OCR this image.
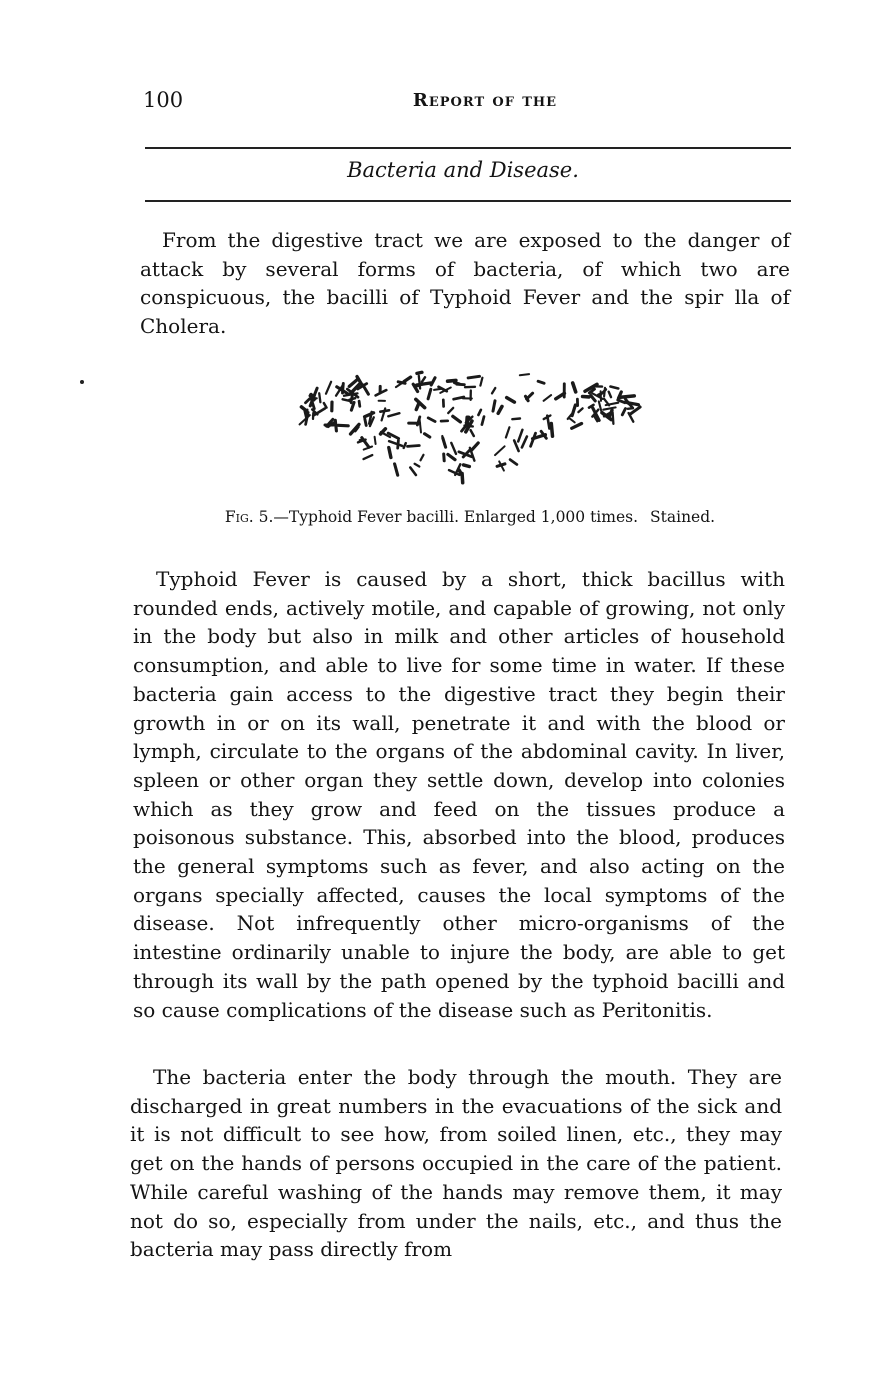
100	Report of the
Bacteria and Disease.

From the digestive tract we are exposed to the danger of attack by several forms of bacteria, of which two are conspicuous, the bacilli of Typhoid Fever and the spir lla of Cholera.

Fig. 5.—Typhoid Fever bacilli. Enlarged 1,000 times. Stained.

Typhoid Fever is caused by a short, thick bacillus with rounded ends, actively motile, and capable of growing, not only in the body but also in milk and other articles of household consumption, and able to live for some time in water. If these bacteria gain access to the digestive tract they begin their growth in or on its wall, penetrate it and with the blood or lymph, circulate to the organs of the abdominal cavity. In liver, spleen or other organ they settle down, develop into colonies which as they grow and feed on the tissues produce a poisonous substance. This, absorbed into the blood, produces the general symptoms such as fever, and also acting on the organs specially affected, causes the local symptoms of the disease. Not infrequently other micro-organisms of the intestine ordinarily unable to injure the body, are able to get through its wall by the path opened by the typhoid bacilli and so cause complications of the disease such as Peritonitis.

The bacteria enter the body through the mouth. They are discharged in great numbers in the evacuations of the sick and it is not difficult to see how, from soiled linen, etc., they may get on the hands of persons occupied in the care of the patient. While careful washing of the hands may remove them, it may not do so, especially from under the nails, etc., and thus the bacteria may pass directly from
